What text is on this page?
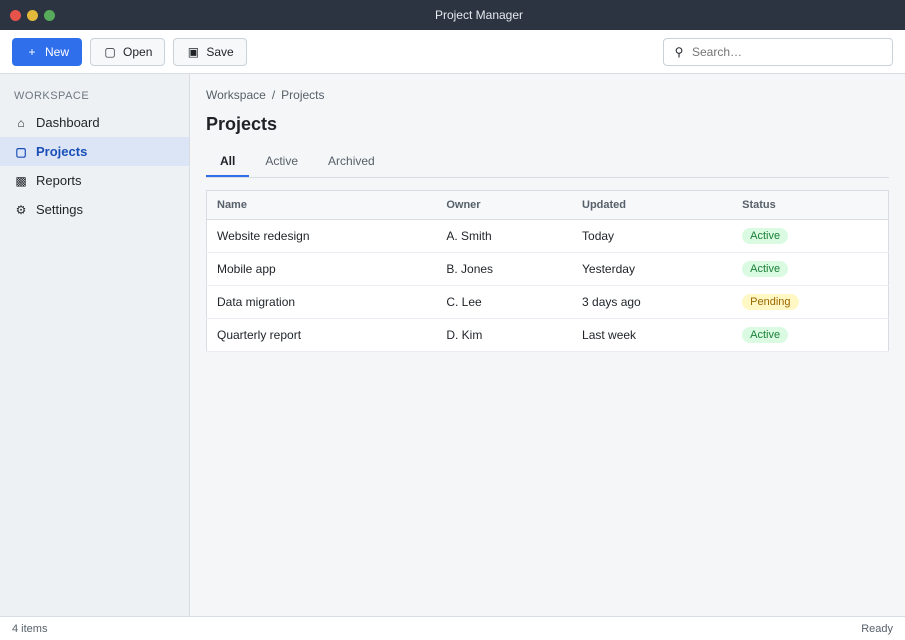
Project Manager
+ New	▢ Open	▣ Save	⚲
Search…
WORKSPACE
⌂ Dashboard
▢ Projects
▩ Reports
⚙ Settings
Workspace / Projects
Projects
All	Active	Archived
Name	Owner	Updated	Status
Website redesign	A. Smith	Today	Active
Mobile app	B. Jones	Yesterday	Active
Data migration	C. Lee	3 days ago	Pending
Quarterly report	D. Kim	Last week	Active
4 items	Ready
